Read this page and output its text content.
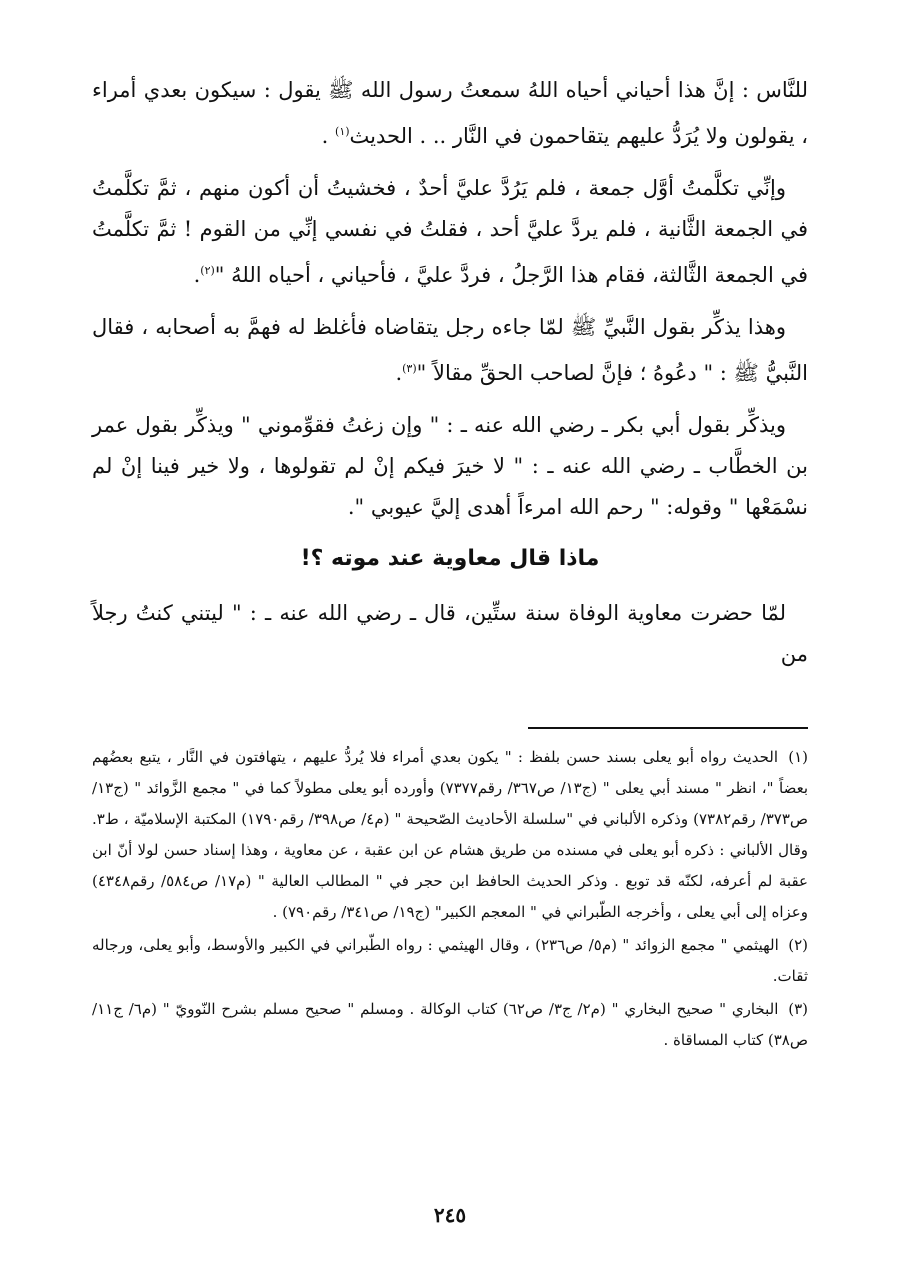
للنَّاس : إنَّ هذا أحياني أحياه اللهُ سمعتُ رسول الله ﷺ يقول : سيكون بعدي أمراء ، يقولون ولا يُرَدُّ عليهم يتقاحمون في النَّار .. . الحديث$^{(١)}$ .

وإنِّي تكلَّمتُ أوَّل جمعة ، فلم يَرُدَّ عليَّ أحدٌ ، فخشيتُ أن أكون منهم ، ثمَّ تكلَّمتُ في الجمعة الثَّانية ، فلم يردَّ عليَّ أحد ، فقلتُ في نفسي إنِّي من القوم ! ثمَّ تكلَّمتُ في الجمعة الثَّالثة، فقام هذا الرَّجلُ ، فردَّ عليَّ ، فأحياني ، أحياه اللهُ "$^{(٢)}$.

وهذا يذكِّر بقول النَّبيِّ ﷺ لمّا جاءه رجل يتقاضاه فأغلظ له فهمَّ به أصحابه ، فقال النَّبيُّ ﷺ : " دعُوهُ ؛ فإنَّ لصاحب الحقِّ مقالاً "$^{(٣)}$.

ويذكِّر بقول أبي بكر ـ رضي الله عنه ـ : " وإن زغتُ فقوِّموني " ويذكِّر بقول عمر بن الخطَّاب ـ رضي الله عنه ـ : " لا خيرَ فيكم إنْ لم تقولوها ، ولا خير فينا إنْ لم نسْمَعْها " وقوله: " رحم الله امرءاً أهدى إليَّ عيوبي ".

ماذا قال معاوية عند موته ؟!

لمّا حضرت معاوية الوفاة سنة ستِّين، قال ـ رضي الله عنه ـ : " ليتني كنتُ رجلاً من

(١) الحديث رواه أبو يعلى بسند حسن بلفظ : " يكون بعدي أمراء فلا يُردُّ عليهم ، يتهافتون في النَّار ، يتبع بعضُهم بعضاً "، انظر " مسند أبي يعلى " (ج١٣/ ص٣٦٧/ رقم٧٣٧٧) وأورده أبو يعلى مطولاً كما في " مجمع الزَّوائد " (ج١٣/ ص٣٧٣/ رقم٧٣٨٢) وذكره الألباني في "سلسلة الأحاديث الصّحيحة " (م٤/ ص٣٩٨/ رقم١٧٩٠) المكتبة الإسلاميّة ، ط٣. وقال الألباني : ذكره أبو يعلى في مسنده من طريق هشام عن ابن عقبة ، عن معاوية ، وهذا إسناد حسن لولا أنّ ابن عقبة لم أعرفه، لكنّه قد توبع . وذكر الحديث الحافظ ابن حجر في " المطالب العالية " (م١٧/ ص٥٨٤/ رقم٤٣٤٨) وعزاه إلى أبي يعلى ، وأخرجه الطّبراني في " المعجم الكبير" (ج١٩/ ص٣٤١/ رقم٧٩٠) .
(٢) الهيثمي " مجمع الزوائد " (م٥/ ص٢٣٦) ، وقال الهيثمي : رواه الطّبراني في الكبير والأوسط، وأبو يعلى، ورجاله ثقات.
(٣) البخاري " صحيح البخاري " (م٢/ ج٣/ ص٦٢) كتاب الوكالة . ومسلم " صحيح مسلم بشرح النّوويّ " (م٦/ ج١١/ ص٣٨) كتاب المساقاة .
٢٤٥
